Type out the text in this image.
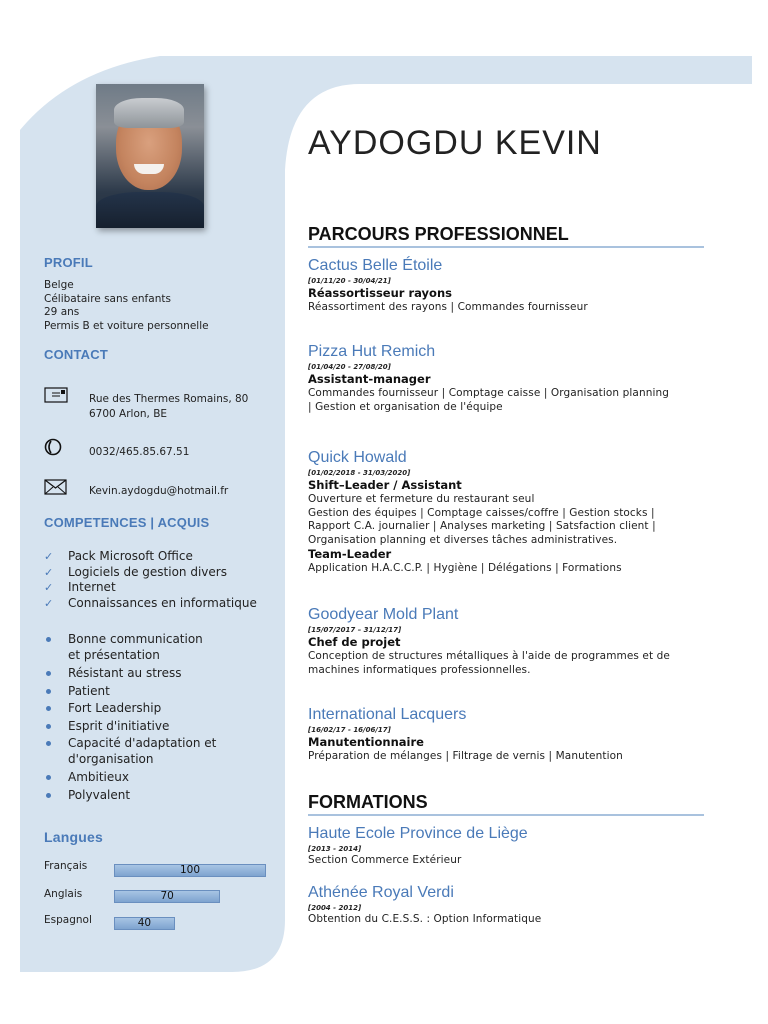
PROFIL
Belge
Célibataire sans enfants
29 ans
Permis B et voiture personnelle
CONTACT
Rue des Thermes Romains, 80
6700 Arlon, BE
0032/465.85.67.51
Kevin.aydogdu@hotmail.fr
COMPETENCES | ACQUIS
✓ Pack Microsoft Office
✓ Logiciels de gestion divers
✓ Internet
✓ Connaissances en informatique
Bonne communication
et présentation
Résistant au stress
Patient
Fort Leadership
Esprit d'initiative
Capacité d'adaptation et
d'organisation
Ambitieux
Polyvalent
Langues
Français	100
Anglais	70
Espagnol	40
AYDOGDU KEVIN
PARCOURS PROFESSIONNEL
Cactus Belle Étoile
[01/11/20 - 30/04/21]
Réassortisseur rayons
Réassortiment des rayons | Commandes fournisseur
Pizza Hut Remich
[01/04/20 - 27/08/20]
Assistant-manager
Commandes fournisseur | Comptage caisse | Organisation planning
| Gestion et organisation de l'équipe
Quick Howald
[01/02/2018 - 31/03/2020]
Shift–Leader / Assistant
Ouverture et fermeture du restaurant seul
Gestion des équipes | Comptage caisses/coffre | Gestion stocks |
Rapport C.A. journalier | Analyses marketing | Satsfaction client |
Organisation planning et diverses tâches administratives.
Team-Leader
Application H.A.C.C.P. | Hygiène | Délégations | Formations
Goodyear Mold Plant
[15/07/2017 – 31/12/17]
Chef de projet
Conception de structures métalliques à l'aide de programmes et de
machines informatiques professionnelles.
International Lacquers
[16/02/17 - 16/06/17]
Manutentionnaire
Préparation de mélanges | Filtrage de vernis | Manutention
FORMATIONS
Haute Ecole Province de Liège
[2013 - 2014]
Section Commerce Extérieur
Athénée Royal Verdi
[2004 - 2012]
Obtention du C.E.S.S. : Option Informatique
